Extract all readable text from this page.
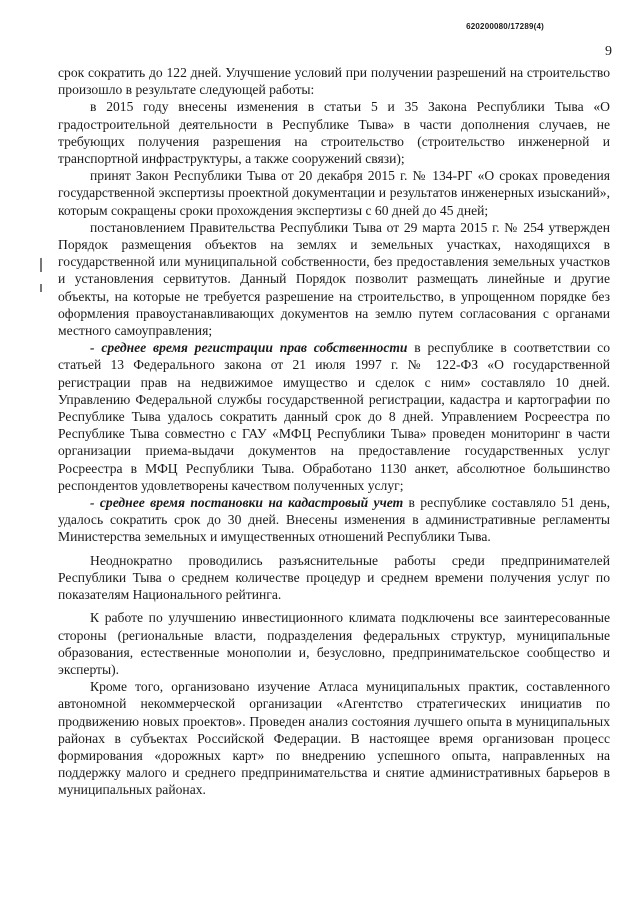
620200080/17289(4)
9

срок сократить до 122 дней. Улучшение условий при получении разрешений на строительство произошло в результате следующей работы:

в 2015 году внесены изменения в статьи 5 и 35 Закона Республики Тыва «О градостроительной деятельности в Республике Тыва» в части дополнения случаев, не требующих получения разрешения на строительство (строительство инженерной и транспортной инфраструктуры, а также сооружений связи);

принят Закон Республики Тыва от 20 декабря 2015 г. № 134-РГ «О сроках проведения государственной экспертизы проектной документации и результатов инженерных изысканий», которым сокращены сроки прохождения экспертизы с 60 дней до 45 дней;

постановлением Правительства Республики Тыва от 29 марта 2015 г. № 254 утвержден Порядок размещения объектов на землях и земельных участках, находящихся в государственной или муниципальной собственности, без предоставления земельных участков и установления сервитутов. Данный Порядок позволит размещать линейные и другие объекты, на которые не требуется разрешение на строительство, в упрощенном порядке без оформления правоустанавливающих документов на землю путем согласования с органами местного самоуправления;

- среднее время регистрации прав собственности в республике в соответствии со статьей 13 Федерального закона от 21 июля 1997 г. № 122-ФЗ «О государственной регистрации прав на недвижимое имущество и сделок с ним» составляло 10 дней. Управлению Федеральной службы государственной регистрации, кадастра и картографии по Республике Тыва удалось сократить данный срок до 8 дней. Управлением Росреестра по Республике Тыва совместно с ГАУ «МФЦ Республики Тыва» проведен мониторинг в части организации приема-выдачи документов на предоставление государственных услуг Росреестра в МФЦ Республики Тыва. Обработано 1130 анкет, абсолютное большинство респондентов удовлетворены качеством полученных услуг;

- среднее время постановки на кадастровый учет в республике составляло 51 день, удалось сократить срок до 30 дней. Внесены изменения в административные регламенты Министерства земельных и имущественных отношений Республики Тыва.

Неоднократно проводились разъяснительные работы среди предпринимателей Республики Тыва о среднем количестве процедур и среднем времени получения услуг по показателям Национального рейтинга.

К работе по улучшению инвестиционного климата подключены все заинтересованные стороны (региональные власти, подразделения федеральных структур, муниципальные образования, естественные монополии и, безусловно, предпринимательское сообщество и эксперты).

Кроме того, организовано изучение Атласа муниципальных практик, составленного автономной некоммерческой организации «Агентство стратегических инициатив по продвижению новых проектов». Проведен анализ состояния лучшего опыта в муниципальных районах в субъектах Российской Федерации. В настоящее время организован процесс формирования «дорожных карт» по внедрению успешного опыта, направленных на поддержку малого и среднего предпринимательства и снятие административных барьеров в муниципальных районах.
